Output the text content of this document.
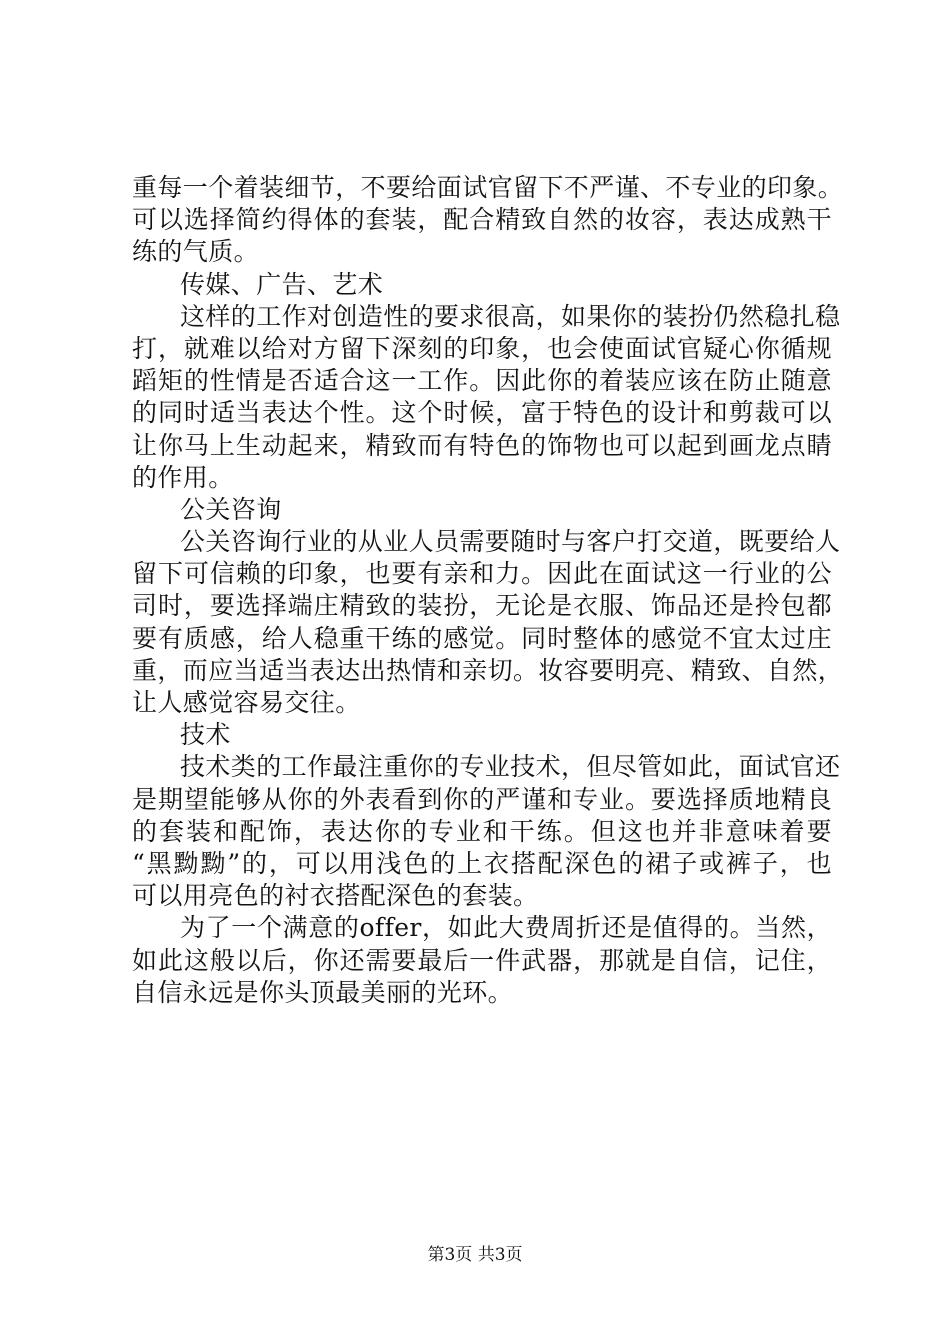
重每一个着装细节，不要给面试官留下不严谨、不专业的印象。
可以选择简约得体的套装，配合精致自然的妆容，表达成熟干
练的气质。
传媒、广告、艺术
这样的工作对创造性的要求很高，如果你的装扮仍然稳扎稳
打，就难以给对方留下深刻的印象，也会使面试官疑心你循规
蹈矩的性情是否适合这一工作。因此你的着装应该在防止随意
的同时适当表达个性。这个时候，富于特色的设计和剪裁可以
让你马上生动起来，精致而有特色的饰物也可以起到画龙点睛
的作用。
公关咨询
公关咨询行业的从业人员需要随时与客户打交道，既要给人
留下可信赖的印象，也要有亲和力。因此在面试这一行业的公
司时，要选择端庄精致的装扮，无论是衣服、饰品还是拎包都
要有质感，给人稳重干练的感觉。同时整体的感觉不宜太过庄
重，而应当适当表达出热情和亲切。妆容要明亮、精致、自然，
让人感觉容易交往。
技术
技术类的工作最注重你的专业技术，但尽管如此，面试官还
是期望能够从你的外表看到你的严谨和专业。要选择质地精良
的套装和配饰，表达你的专业和干练。但这也并非意味着要
“黑黝黝”的，可以用浅色的上衣搭配深色的裙子或裤子，也
可以用亮色的衬衣搭配深色的套装。
为了一个满意的offer，如此大费周折还是值得的。当然，
如此这般以后，你还需要最后一件武器，那就是自信，记住，
自信永远是你头顶最美丽的光环。
第3页 共3页
